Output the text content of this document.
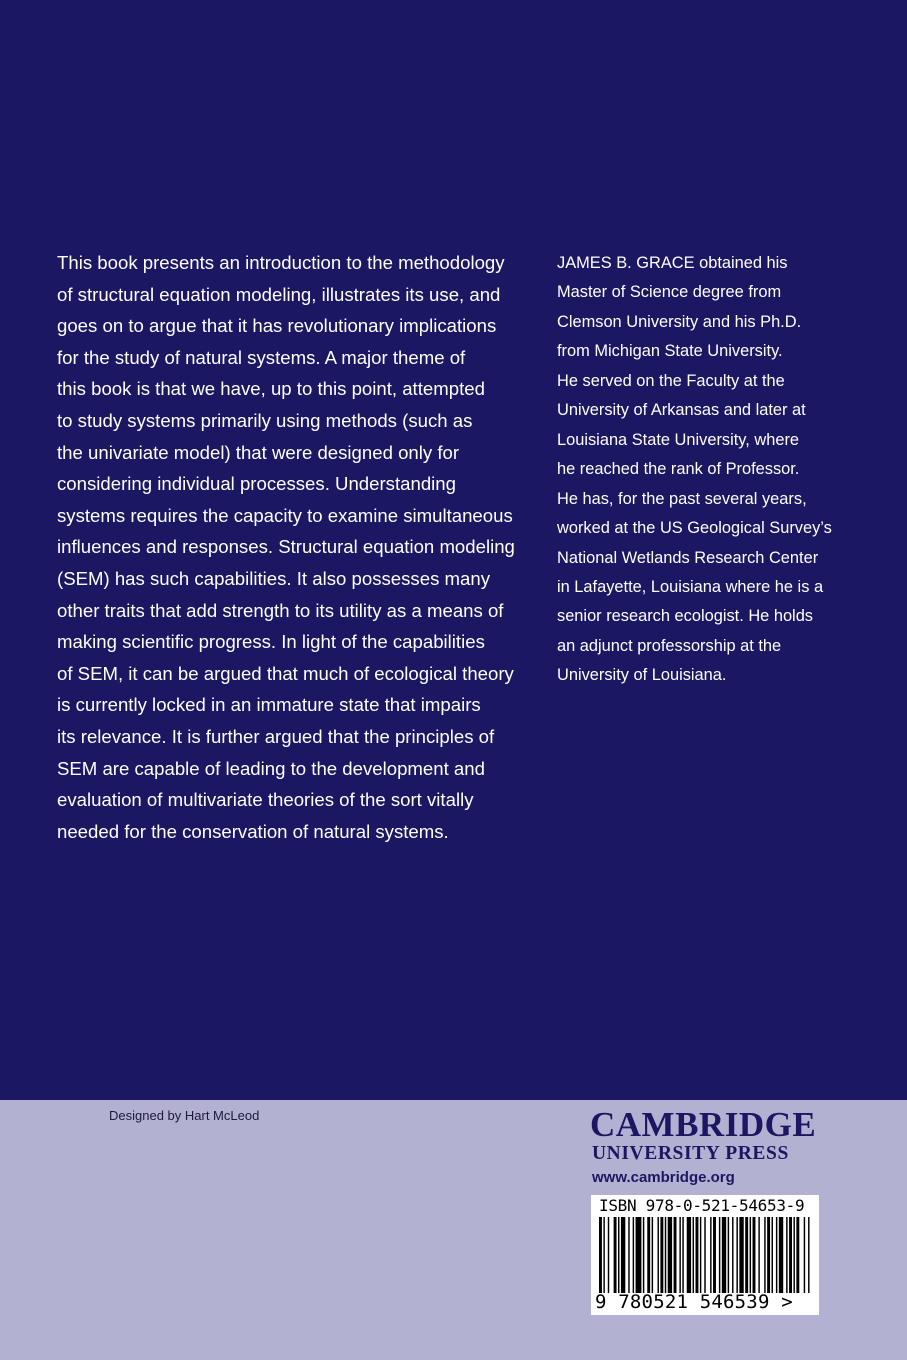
This book presents an introduction to the methodology
of structural equation modeling, illustrates its use, and
goes on to argue that it has revolutionary implications
for the study of natural systems. A major theme of
this book is that we have, up to this point, attempted
to study systems primarily using methods (such as
the univariate model) that were designed only for
considering individual processes. Understanding
systems requires the capacity to examine simultaneous
influences and responses. Structural equation modeling
(SEM) has such capabilities. It also possesses many
other traits that add strength to its utility as a means of
making scientific progress. In light of the capabilities
of SEM, it can be argued that much of ecological theory
is currently locked in an immature state that impairs
its relevance. It is further argued that the principles of
SEM are capable of leading to the development and
evaluation of multivariate theories of the sort vitally
needed for the conservation of natural systems.

JAMES B. GRACE obtained his
Master of Science degree from
Clemson University and his Ph.D.
from Michigan State University.
He served on the Faculty at the
University of Arkansas and later at
Louisiana State University, where
he reached the rank of Professor.
He has, for the past several years,
worked at the US Geological Survey’s
National Wetlands Research Center
in Lafayette, Louisiana where he is a
senior research ecologist. He holds
an adjunct professorship at the
University of Louisiana.

Designed by Hart McLeod	CAMBRIDGE
UNIVERSITY PRESS
www.cambridge.org
ISBN 978-0-521-54653-9
9 780521 546539 >
